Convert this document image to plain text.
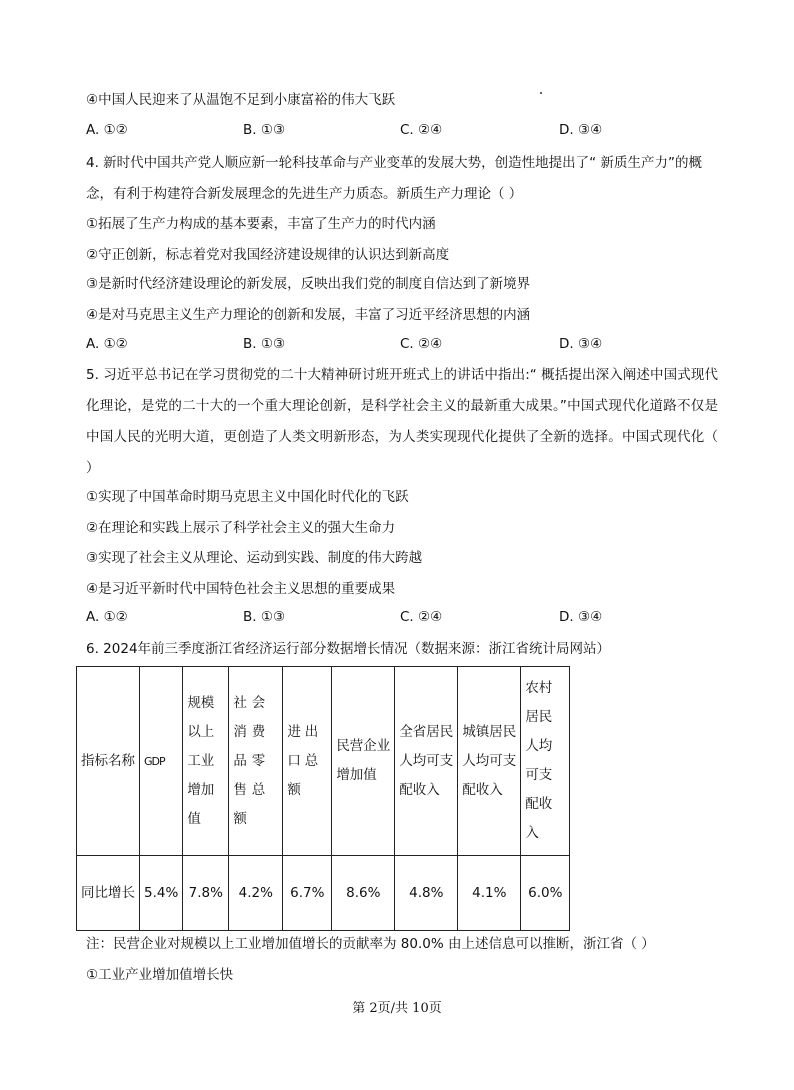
④中国人民迎来了从温饱不足到小康富裕的伟大飞跃
A. ①②	B. ①③	C. ②④	D. ③④
4. 新时代中国共产党人顺应新一轮科技革命与产业变革的发展大势，创造性地提出了“ 新质生产力”的概
念，有利于构建符合新发展理念的先进生产力质态。新质生产力理论（ ）
①拓展了生产力构成的基本要素，丰富了生产力的时代内涵
②守正创新，标志着党对我国经济建设规律的认识达到新高度
③是新时代经济建设理论的新发展，反映出我们党的制度自信达到了新境界
④是对马克思主义生产力理论的创新和发展，丰富了习近平经济思想的内涵
A. ①②	B. ①③	C. ②④	D. ③④
5. 习近平总书记在学习贯彻党的二十大精神研讨班开班式上的讲话中指出:“ 概括提出深入阐述中国式现代化理论，是党的二十大的一个重大理论创新，是科学社会主义的最新重大成果。”中国式现代化道路不仅是中国人民的光明大道，更创造了人类文明新形态，为人类实现现代化提供了全新的选择。中国式现代化（ ）
①实现了中国革命时期马克思主义中国化时代化的飞跃
②在理论和实践上展示了科学社会主义的强大生命力
③实现了社会主义从理论、运动到实践、制度的伟大跨越
④是习近平新时代中国特色社会主义思想的重要成果
A. ①②	B. ①③	C. ②④	D. ③④
6. 2024年前三季度浙江省经济运行部分数据增长情况（数据来源：浙江省统计局网站）
指标名称	GDP	规模以上工业增加值	社会消费品零售总额	进出口总额	民营企业增加值	全省居民人均可支配收入	城镇居民人均可支配收入	农村居民人均可支配收入
同比增长	5.4%	7.8%	4.2%	6.7%	8.6%	4.8%	4.1%	6.0%
注：民营企业对规模以上工业增加值增长的贡献率为 80.0% 由上述信息可以推断，浙江省（ ）
①工业产业增加值增长快
第 2页/共 10页
